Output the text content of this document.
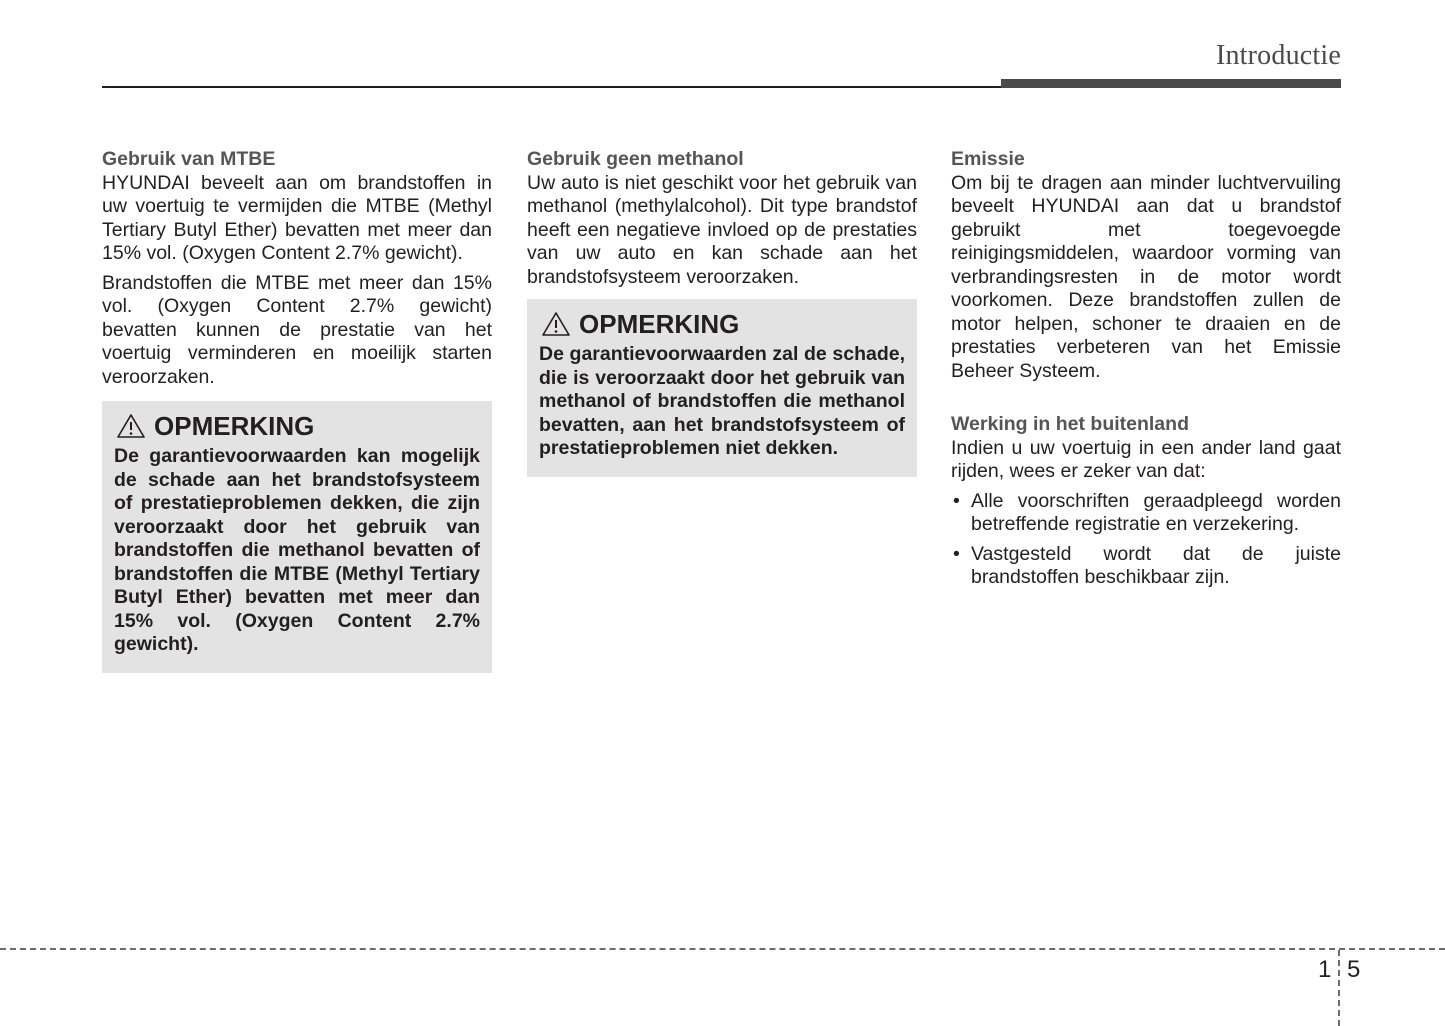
Introductie

Gebruik van MTBE

HYUNDAI beveelt aan om brandstoffen in uw voertuig te vermijden die MTBE (Methyl Tertiary Butyl Ether) bevatten met meer dan 15% vol. (Oxygen Content 2.7% gewicht).

Brandstoffen die MTBE met meer dan 15% vol. (Oxygen Content 2.7% gewicht) bevatten kunnen de prestatie van het voertuig verminderen en moeilijk starten veroorzaken.

OPMERKING

De garantievoorwaarden kan mogelijk de schade aan het brandstofsysteem of prestatieproblemen dekken, die zijn veroorzaakt door het gebruik van brandstoffen die methanol bevatten of brandstoffen die MTBE (Methyl Tertiary Butyl Ether) bevatten met meer dan 15% vol. (Oxygen Content 2.7% gewicht).

Gebruik geen methanol

Uw auto is niet geschikt voor het gebruik van methanol (methylalcohol). Dit type brandstof heeft een negatieve invloed op de prestaties van uw auto en kan schade aan het brandstofsysteem veroorzaken.

OPMERKING

De garantievoorwaarden zal de schade, die is veroorzaakt door het gebruik van methanol of brandstoffen die methanol bevatten, aan het brandstofsysteem of prestatieproblemen niet dekken.

Emissie

Om bij te dragen aan minder luchtvervuiling beveelt HYUNDAI aan dat u brandstof gebruikt met toegevoegde reinigingsmiddelen, waardoor vorming van verbrandingsresten in de motor wordt voorkomen. Deze brandstoffen zullen de motor helpen, schoner te draaien en de prestaties verbeteren van het Emissie Beheer Systeem.

Werking in het buitenland

Indien u uw voertuig in een ander land gaat rijden, wees er zeker van dat:

• Alle voorschriften geraadpleegd worden betreffende registratie en verzekering.
• Vastgesteld wordt dat de juiste brandstoffen beschikbaar zijn.
1 5
